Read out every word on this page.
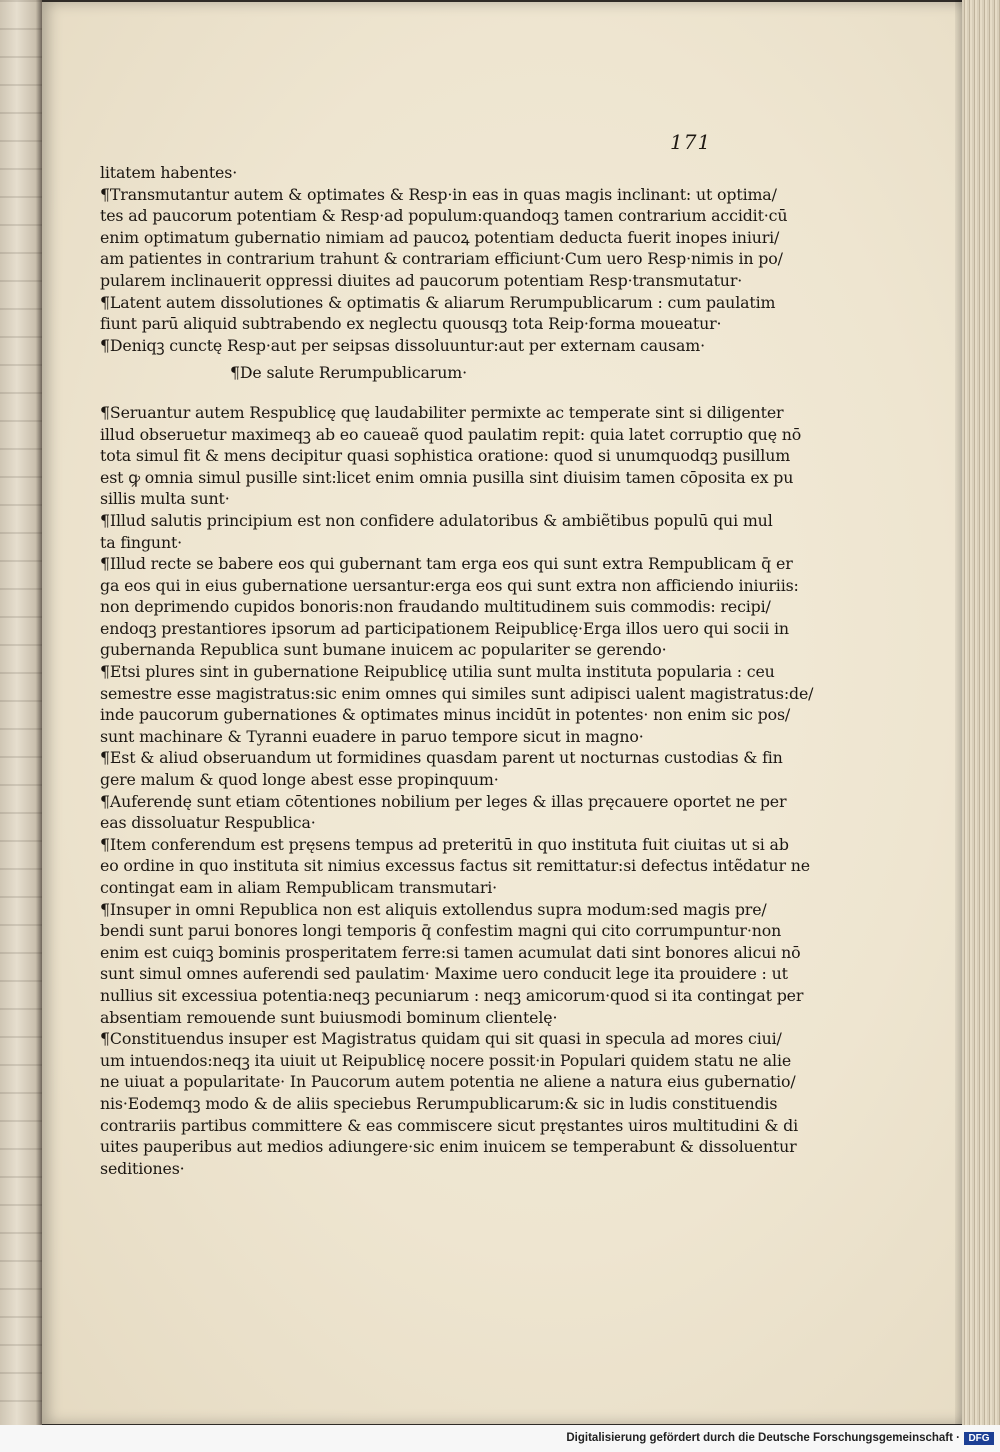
171
litatem habentes·
¶Transmutantur autem & optimates & Resp·in eas in quas magis inclinant: ut optima/
tes ad paucorum potentiam & Resp·ad populum:quandoqꝫ tamen contrarium accidit·cū
enim optimatum gubernatio nimiam ad paucoꝝ potentiam deducta fuerit inopes iniuri/
am patientes in contrarium trahunt & contrariam efficiunt·Cum uero Resp·nimis in po/
pularem inclinauerit oppressi diuites ad paucorum potentiam Resp·transmutatur·
¶Latent autem dissolutiones & optimatis & aliarum Rerumpublicarum : cum paulatim
fiunt parū aliquid subtrabendo ex neglectu quousqꝫ tota Reip·forma moueatur·
¶Deniqꝫ cunctę Resp·aut per seipsas dissoluuntur:aut per externam causam·
¶De salute Rerumpublicarum·
¶Seruantur autem Respublicę quę laudabiliter permixte ac temperate sint si diligenter
illud obseruetur maximeqꝫ ab eo caueaẽ quod paulatim repit: quia latet corruptio quę nō
tota simul fit & mens decipitur quasi sophistica oratione: quod si unumquodqꝫ pusillum
est ꝙ omnia simul pusille sint:licet enim omnia pusilla sint diuisim tamen cōposita ex pu
sillis multa sunt·
¶Illud salutis principium est non confidere adulatoribus & ambiẽtibus populū qui mul
ta fingunt·
¶Illud recte se babere eos qui gubernant tam erga eos qui sunt extra Rempublicam q̄ er
ga eos qui in eius gubernatione uersantur:erga eos qui sunt extra non afficiendo iniuriis:
non deprimendo cupidos bonoris:non fraudando multitudinem suis commodis: recipi/
endoqꝫ prestantiores ipsorum ad participationem Reipublicę·Erga illos uero qui socii in
gubernanda Republica sunt bumane inuicem ac populariter se gerendo·
¶Etsi plures sint in gubernatione Reipublicę utilia sunt multa instituta popularia : ceu
semestre esse magistratus:sic enim omnes qui similes sunt adipisci ualent magistratus:de/
inde paucorum gubernationes & optimates minus incidūt in potentes· non enim sic pos/
sunt machinare & Tyranni euadere in paruo tempore sicut in magno·
¶Est & aliud obseruandum ut formidines quasdam parent ut nocturnas custodias & fin
gere malum & quod longe abest esse propinquum·
¶Auferendę sunt etiam cōtentiones nobilium per leges & illas pręcauere oportet ne per
eas dissoluatur Respublica·
¶Item conferendum est pręsens tempus ad preteritū in quo instituta fuit ciuitas ut si ab
eo ordine in quo instituta sit nimius excessus factus sit remittatur:si defectus intẽdatur ne
contingat eam in aliam Rempublicam transmutari·
¶Insuper in omni Republica non est aliquis extollendus supra modum:sed magis pre/
bendi sunt parui bonores longi temporis q̄ confestim magni qui cito corrumpuntur·non
enim est cuiqꝫ bominis prosperitatem ferre:si tamen acumulat dati sint bonores alicui nō
sunt simul omnes auferendi sed paulatim· Maxime uero conducit lege ita prouidere : ut
nullius sit excessiua potentia:neqꝫ pecuniarum : neqꝫ amicorum·quod si ita contingat per
absentiam remouende sunt buiusmodi bominum clientelę·
¶Constituendus insuper est Magistratus quidam qui sit quasi in specula ad mores ciui/
um intuendos:neqꝫ ita uiuit ut Reipublicę nocere possit·in Populari quidem statu ne alie
ne uiuat a popularitate· In Paucorum autem potentia ne aliene a natura eius gubernatio/
nis·Eodemqꝫ modo & de aliis speciebus Rerumpublicarum:& sic in ludis constituendis
contrariis partibus committere & eas commiscere sicut pręstantes uiros multitudini & di
uites pauperibus aut medios adiungere·sic enim inuicem se temperabunt & dissoluentur
seditiones·
Digitalisierung gefördert durch die Deutsche Forschungsgemeinschaft · DFG
